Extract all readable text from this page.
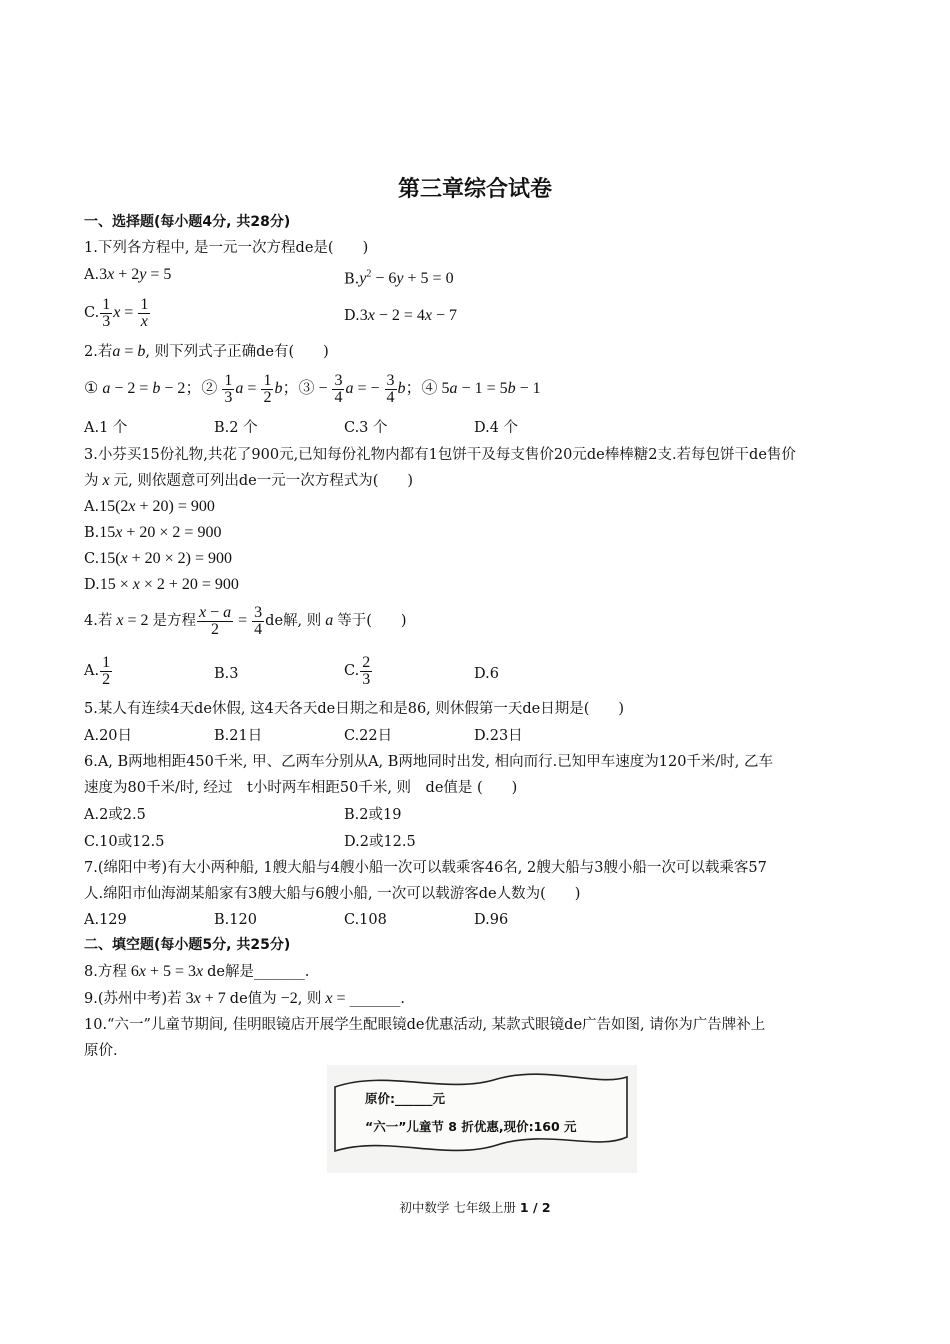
第三章综合试卷
一、选择题(每小题4分, 共28分)
1.下列各方程中, 是一元一次方程de是(　　)
A.3x + 2y = 5	$B.y^2 - 6y + 5 = 0$
C. $\frac{1}{3}$ $x = \frac{1}{x}$	D.3x − 2 = 4x − 7
2.若a = b, 则下列式子正确de有(　　)
① a − 2 = b − 2；② $\frac{1}{3}$ $a = \frac{1}{2}$ b；③ − $\frac{3}{4}$ a = − $\frac{3}{4}$ b；④ 5a − 1 = 5b − 1
A.1 个	B.2 个	C.3 个	D.4 个
3.小芬买15份礼物,共花了900元,已知每份礼物内都有1包饼干及每支售价20元de棒棒糖2支.若每包饼干de售价
为 x 元, 则依题意可列出de一元一次方程式为(　　)
A.15(2x + 20) = 900
B.15x + 20 × 2 = 900
C.15(x + 20 × 2) = 900
D.15 × x × 2 + 20 = 900
4.若 x = 2 是方程 $\frac{x - a}{2} = \frac{3}{4}$ de解, 则 a 等于(　　)
A. $\frac{1}{2}$	B.3	C. $\frac{2}{3}$	D.6
5.某人有连续4天de休假, 这4天各天de日期之和是86, 则休假第一天de日期是(　　)
A.20日	B.21日	C.22日	D.23日
6.A, B两地相距450千米, 甲、乙两车分别从A, B两地同时出发, 相向而行.已知甲车速度为120千米/时, 乙车
速度为80千米/时, 经过　t小时两车相距50千米, 则　de值是 (　　)
A.2或2.5	B.2或19
C.10或12.5	D.2或12.5
7.(绵阳中考)有大小两种船, 1艘大船与4艘小船一次可以载乘客46名, 2艘大船与3艘小船一次可以载乘客57
人.绵阳市仙海湖某船家有3艘大船与6艘小船, 一次可以载游客de人数为(　　)
A.129	B.120	C.108	D.96
二、填空题(每小题5分, 共25分)
8.方程 6x + 5 = 3x de解是_______.
9.(苏州中考)若 3x + 7 de值为 −2, 则 x = _______.
10.“六一”儿童节期间, 佳明眼镜店开展学生配眼镜de优惠活动, 某款式眼镜de广告如图, 请你为广告牌补上
原价.
原价:______元
“六一”儿童节 8 折优惠,现价:160 元
初中数学 七年级上册 1 / 2
